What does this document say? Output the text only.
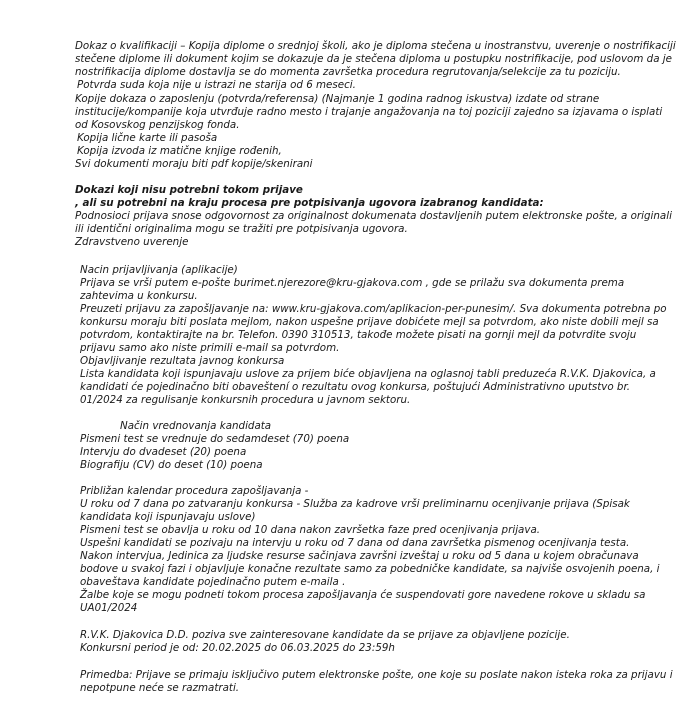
Dokaz o kvalifikaciji – Kopija diplome o srednjoj školi, ako je diploma stečena u inostranstvu, uverenje o nostrifikaciji
stečene diplome ili dokument kojim se dokazuje da je stečena diploma u postupku nostrifikacije, pod uslovom da je
nostrifikacija diplome dostavlja se do momenta završetka procedura regrutovanja/selekcije za tu poziciju.
Potvrda suda koja nije u istrazi ne starija od 6 meseci.
Kopije dokaza o zaposlenju (potvrda/referensa) (Najmanje 1 godina radnog iskustva) izdate od strane
institucije/kompanije koja utvrđuje radno mesto i trajanje angažovanja na toj poziciji zajedno sa izjavama o isplati
od Kosovskog penzijskog fonda.
Kopija lične karte ili pasoša
Kopija izvoda iz matične knjige rođenih,
Svi dokumenti moraju biti pdf kopije/skenirani
Dokazi koji nisu potrebni tokom prijave
, ali su potrebni na kraju procesa pre potpisivanja ugovora izabranog kandidata:
Podnosioci prijava snose odgovornost za originalnost dokumenata dostavljenih putem elektronske pošte, a originali
ili identični originalima mogu se tražiti pre potpisivanja ugovora.
Zdravstveno uverenje
Nacin prijavljivanja (aplikacije)
Prijava se vrši putem e-pošte burimet.njerezore@kru-gjakova.com , gde se prilažu sva dokumenta prema
zahtevima u konkursu.
Preuzeti prijavu za zapošljavanje na: www.kru-gjakova.com/aplikacion-per-punesim/. Sva dokumenta potrebna po
konkursu moraju biti poslata mejlom, nakon uspešne prijave dobićete mejl sa potvrdom, ako niste dobili mejl sa
potvrdom, kontaktirajte na br. Telefon. 0390 310513, takođe možete pisati na gornji mejl da potvrdite svoju
prijavu samo ako niste primili e-mail sa potvrdom.
Objavljivanje rezultata javnog konkursa
Lista kandidata koji ispunjavaju uslove za prijem biće objavljena na oglasnoj tabli preduzeća R.V.K. Djakovica, a
kandidati će pojedinačno biti obaveštení o rezultatu ovog konkursa, poštujući Administrativno uputstvo br.
01/2024 za regulisanje konkursnih procedura u javnom sektoru.
Način vrednovanja kandidata
Pismeni test se vrednuje do sedamdeset (70) poena
Intervju do dvadeset (20) poena
Biografiju (CV) do deset (10) poena
Približan kalendar procedura zapošljavanja -
U roku od 7 dana po zatvaranju konkursa - Služba za kadrove vrši preliminarnu ocenjivanje prijava (Spisak
kandidata koji ispunjavaju uslove)
Pismeni test se obavlja u roku od 10 dana nakon završetka faze pred ocenjivanja prijava.
Uspešni kandidati se pozivaju na intervju u roku od 7 dana od dana završetka pismenog ocenjivanja testa.
Nakon intervjua, Jedinica za ljudske resurse sačinjava završni izveštaj u roku od 5 dana u kojem obračunava
bodove u svakoj fazi i objavljuje konačne rezultate samo za pobedničke kandidate, sa najviše osvojenih poena, i
obaveštava kandidate pojedinačno putem e-maila .
Žalbe koje se mogu podneti tokom procesa zapošljavanja će suspendovati gore navedene rokove u skladu sa
UA01/2024
R.V.K. Djakovica D.D. poziva sve zainteresovane kandidate da se prijave za objavljene pozicije.
Konkursni period je od: 20.02.2025 do 06.03.2025 do 23:59h
Primedba: Prijave se primaju isključivo putem elektronske pošte, one koje su poslate nakon isteka roka za prijavu i
nepotpune neće se razmatrati.
